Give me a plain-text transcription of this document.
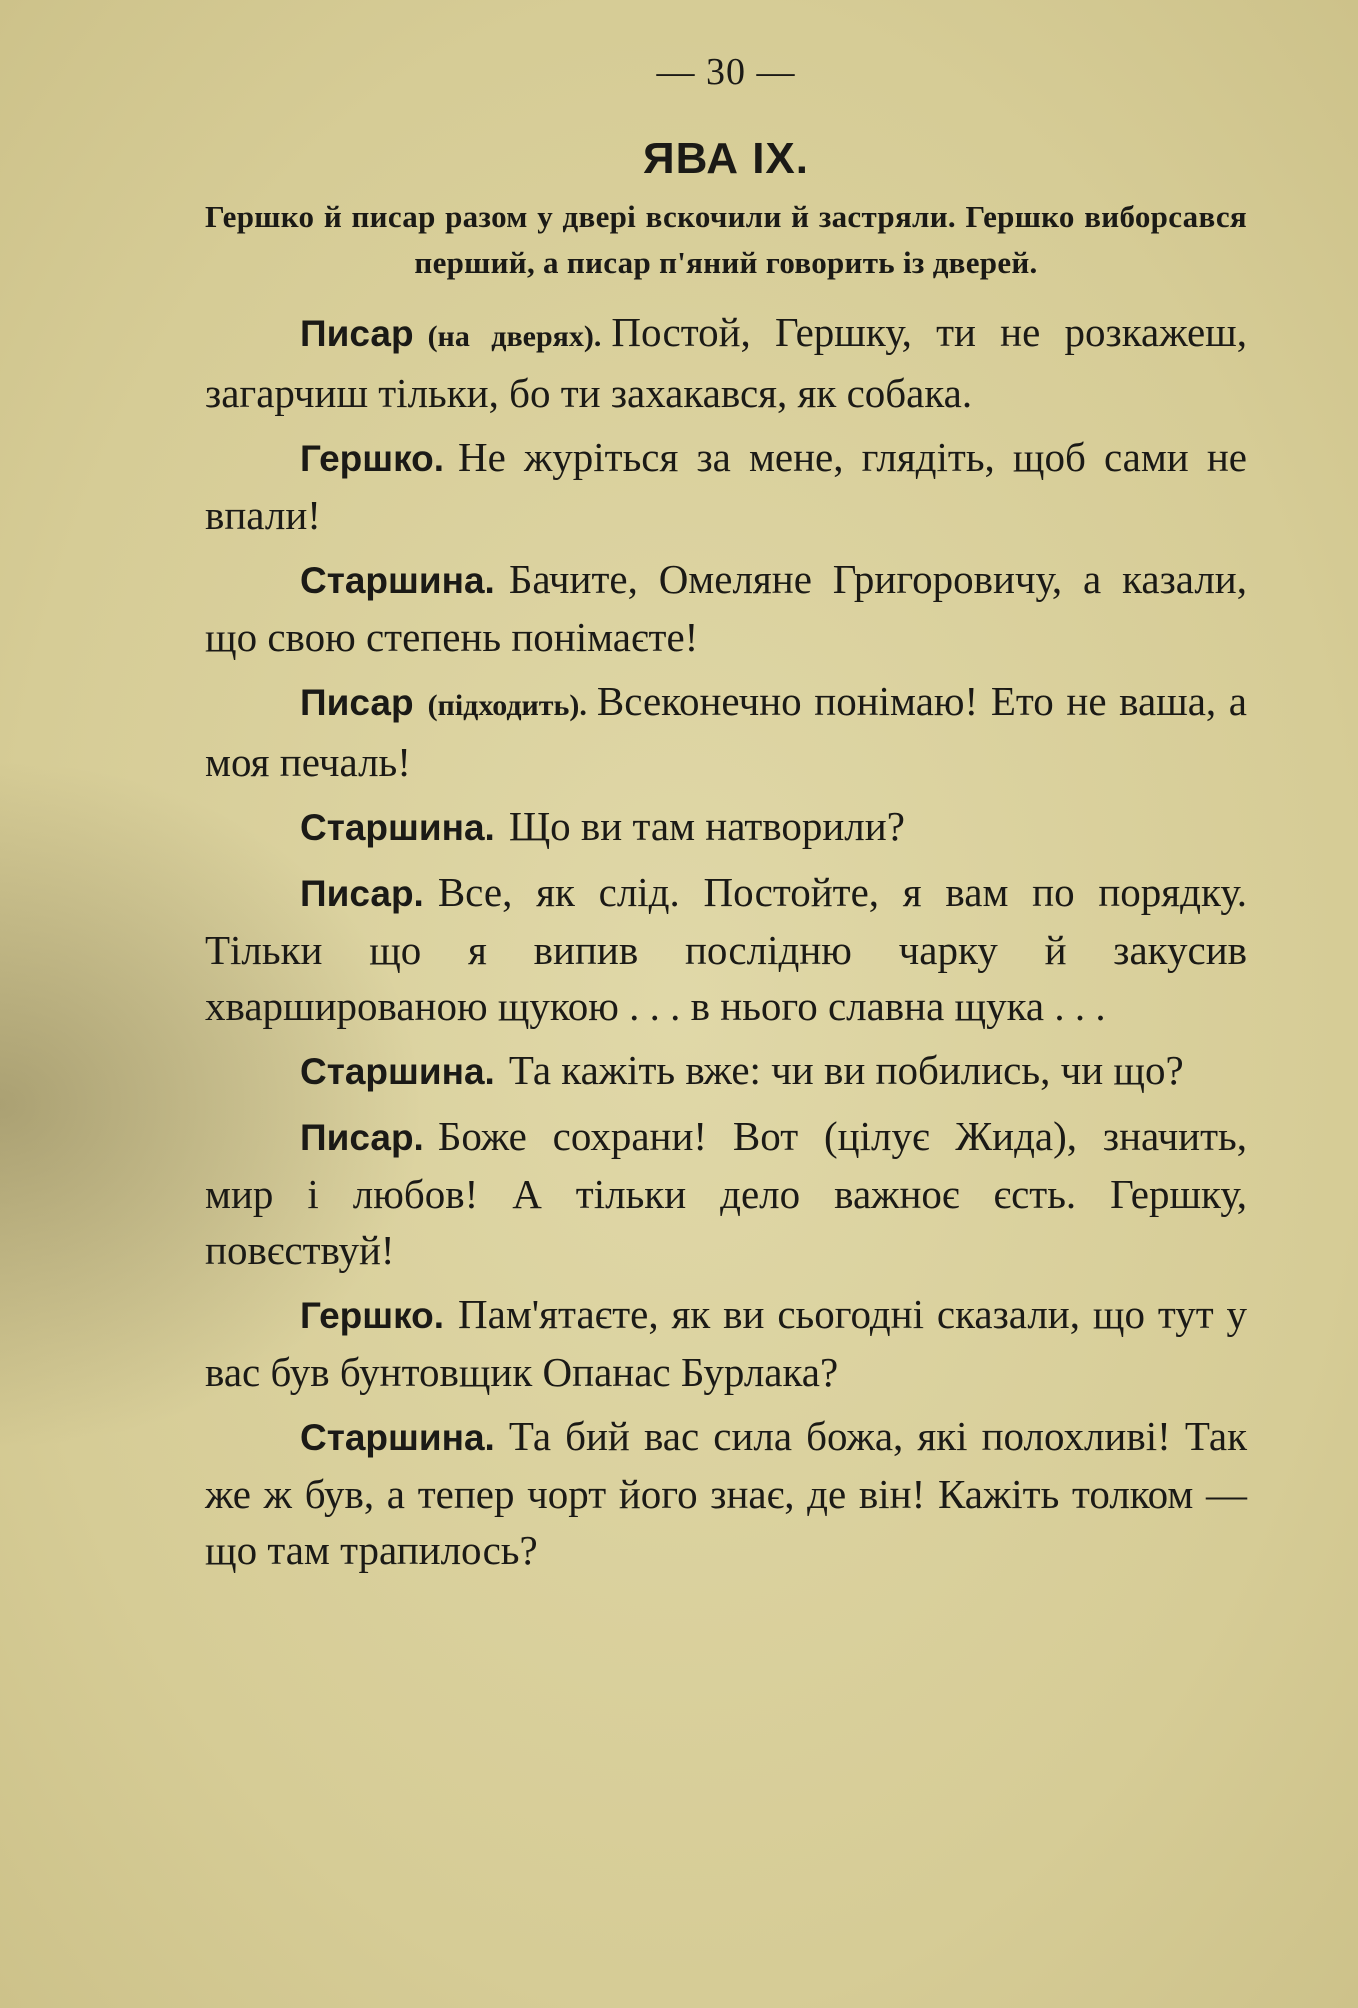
— 30 —
ЯВА IX.
Гершко й писар разом у двері вскочили й застряли. Гершко виборсався перший, а писар п'яний говорить із дверей.

Писар (на дверях). Постой, Гершку, ти не розкажеш, загарчиш тільки, бо ти захакався, як собака.

Гершко. Не журіться за мене, глядіть, щоб сами не впали!

Старшина. Бачите, Омеляне Григоровичу, а казали, що свою степень понімаєте!

Писар (підходить). Всеконечно понімаю! Ето не ваша, а моя печаль!

Старшина. Що ви там натворили?

Писар. Все, як слід. Постойте, я вам по порядку. Тільки що я випив послідню чарку й закусив хваршированою щукою . . . в нього славна щука . . .

Старшина. Та кажіть вже: чи ви побились, чи що?

Писар. Боже сохрани! Вот (цілує Жида), значить, мир і любов! А тільки дело важноє єсть. Гершку, повєствуй!

Гершко. Пам'ятаєте, як ви сьогодні сказали, що тут у вас був бунтовщик Опанас Бурлака?

Старшина. Та бий вас сила божа, які полохливі! Так же ж був, а тепер чорт його знає, де він! Кажіть толком — що там трапилось?
